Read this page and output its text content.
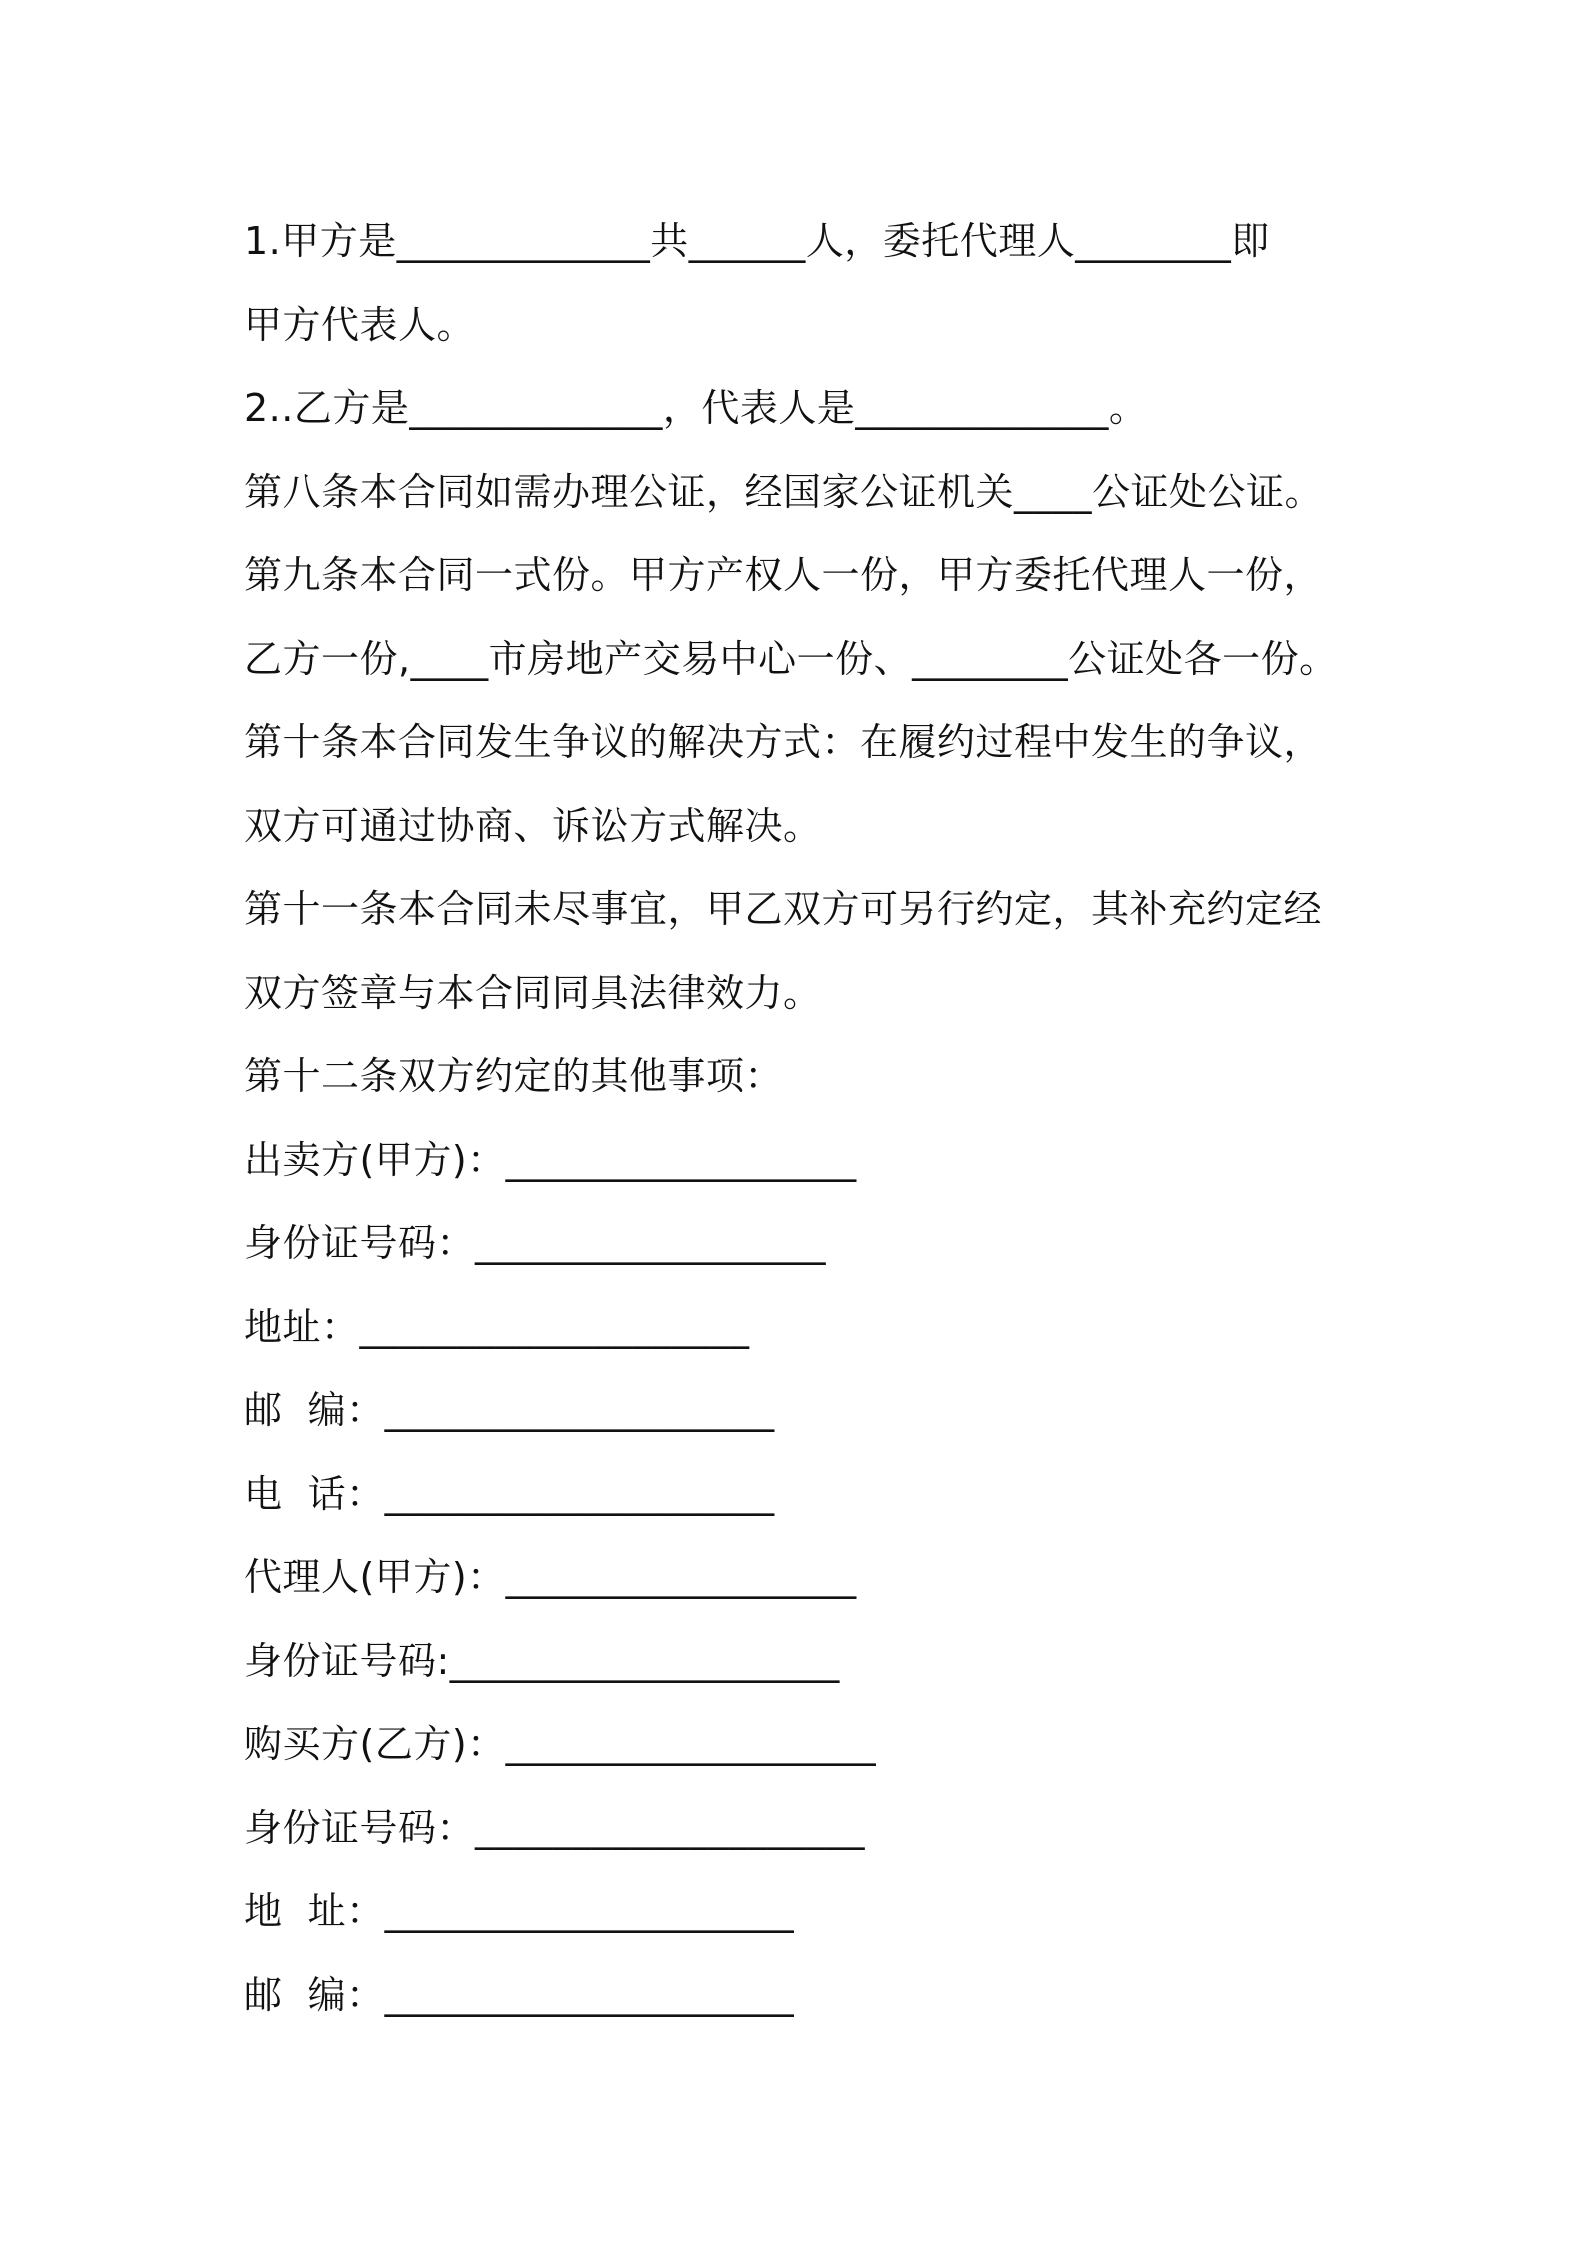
1.甲方是_____________共______人，委托代理人________即
甲方代表人。
2..乙方是_____________，代表人是_____________。
第八条本合同如需办理公证，经国家公证机关____公证处公证。
第九条本合同一式份。甲方产权人一份，甲方委托代理人一份，
乙方一份,____市房地产交易中心一份、________公证处各一份。
第十条本合同发生争议的解决方式：在履约过程中发生的争议，
双方可通过协商、诉讼方式解决。
第十一条本合同未尽事宜，甲乙双方可另行约定，其补充约定经
双方签章与本合同同具法律效力。
第十二条双方约定的其他事项：
出卖方(甲方)：__________________
身份证号码：__________________
地址：____________________
邮  编：____________________
电  话：____________________
代理人(甲方)：__________________
身份证号码:____________________
购买方(乙方)：___________________
身份证号码：____________________
地  址：_____________________
邮  编：_____________________
